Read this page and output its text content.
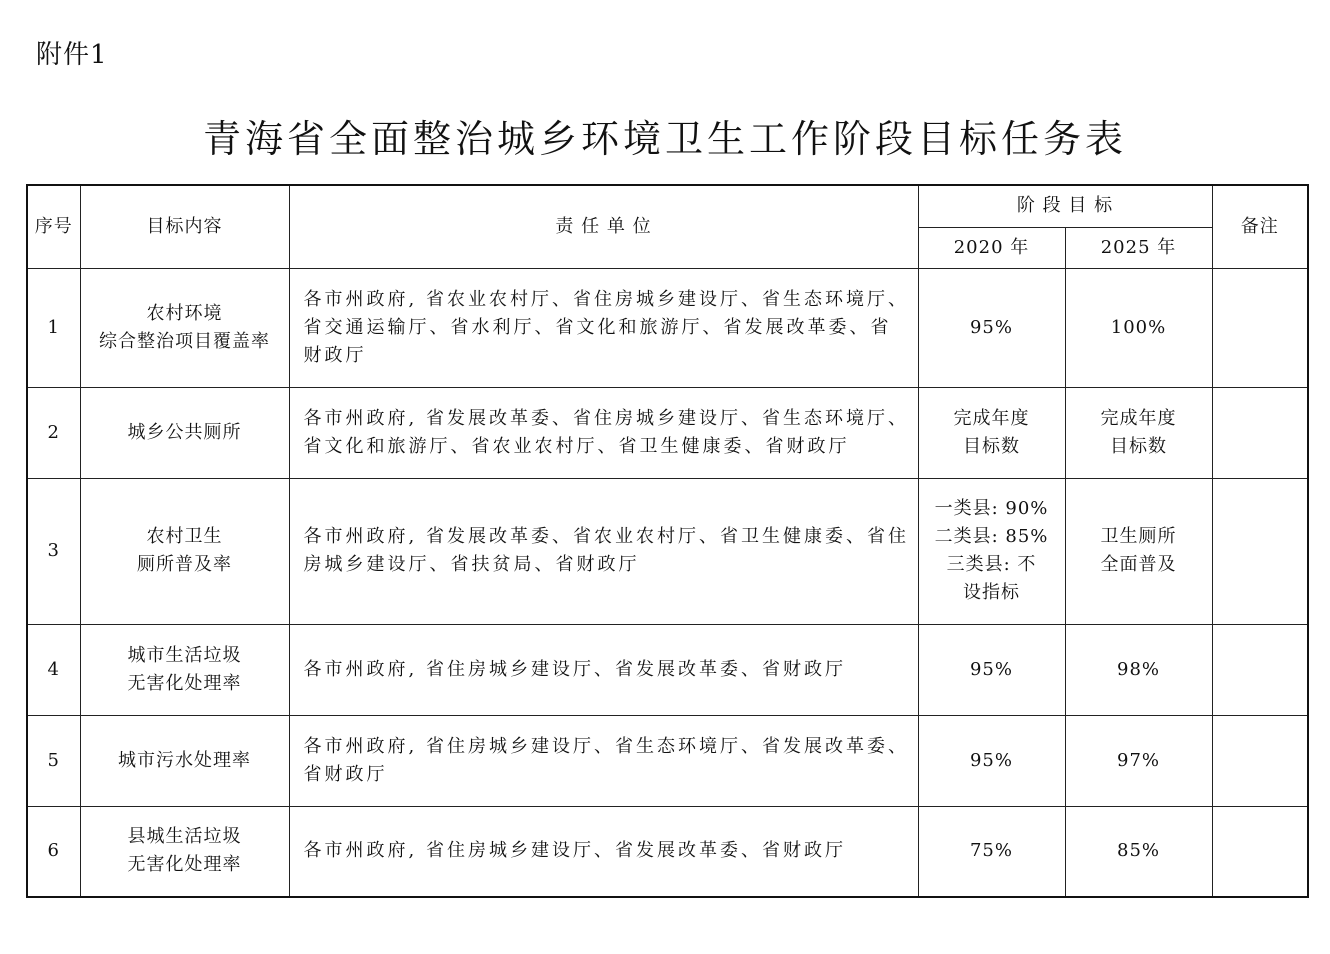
附件1
青海省全面整治城乡环境卫生工作阶段目标任务表
序号	目标内容	责 任 单 位	阶 段 目 标		备注
			2020 年	2025 年	
1	农村环境
综合整治项目覆盖率	各市州政府, 省农业农村厅、省住房城乡建设厅、省生态环境厅、省交通运输厅、省水利厅、省文化和旅游厅、省发展改革委、省财政厅	95%	100%	

2	城乡公共厕所	各市州政府, 省发展改革委、省住房城乡建设厅、省生态环境厅、省文化和旅游厅、省农业农村厅、省卫生健康委、省财政厅	完成年度
目标数	完成年度
目标数	

3	农村卫生
厕所普及率	各市州政府, 省发展改革委、省农业农村厅、省卫生健康委、省住房城乡建设厅、省扶贫局、省财政厅	一类县: 90%
二类县: 85%
三类县: 不
设指标	卫生厕所
全面普及	

4	城市生活垃圾
无害化处理率	各市州政府, 省住房城乡建设厅、省发展改革委、省财政厅	95%	98%	

5	城市污水处理率	各市州政府, 省住房城乡建设厅、省生态环境厅、省发展改革委、省财政厅	95%	97%	

6	县城生活垃圾
无害化处理率	各市州政府, 省住房城乡建设厅、省发展改革委、省财政厅	75%	85%	
